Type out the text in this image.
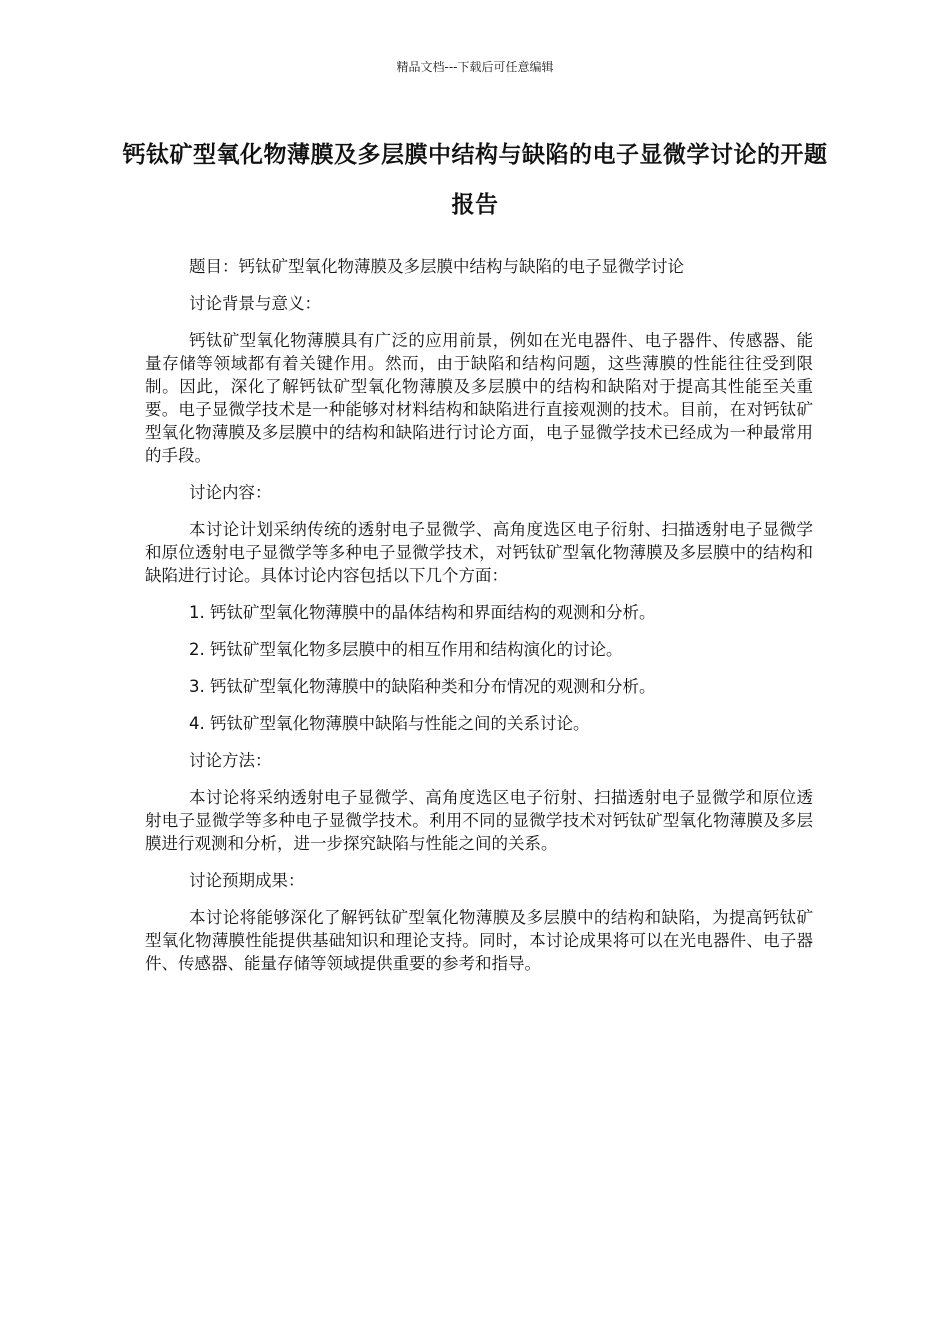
精品文档---下载后可任意编辑
钙钛矿型氧化物薄膜及多层膜中结构与缺陷的电子显微学讨论的开题报告
题目：钙钛矿型氧化物薄膜及多层膜中结构与缺陷的电子显微学讨论
讨论背景与意义：
钙钛矿型氧化物薄膜具有广泛的应用前景，例如在光电器件、电子器件、传感器、能量存储等领域都有着关键作用。然而，由于缺陷和结构问题，这些薄膜的性能往往受到限制。因此，深化了解钙钛矿型氧化物薄膜及多层膜中的结构和缺陷对于提高其性能至关重要。电子显微学技术是一种能够对材料结构和缺陷进行直接观测的技术。目前，在对钙钛矿型氧化物薄膜及多层膜中的结构和缺陷进行讨论方面，电子显微学技术已经成为一种最常用的手段。
讨论内容：
本讨论计划采纳传统的透射电子显微学、高角度选区电子衍射、扫描透射电子显微学和原位透射电子显微学等多种电子显微学技术，对钙钛矿型氧化物薄膜及多层膜中的结构和缺陷进行讨论。具体讨论内容包括以下几个方面：
1. 钙钛矿型氧化物薄膜中的晶体结构和界面结构的观测和分析。
2. 钙钛矿型氧化物多层膜中的相互作用和结构演化的讨论。
3. 钙钛矿型氧化物薄膜中的缺陷种类和分布情况的观测和分析。
4. 钙钛矿型氧化物薄膜中缺陷与性能之间的关系讨论。
讨论方法：
本讨论将采纳透射电子显微学、高角度选区电子衍射、扫描透射电子显微学和原位透射电子显微学等多种电子显微学技术。利用不同的显微学技术对钙钛矿型氧化物薄膜及多层膜进行观测和分析，进一步探究缺陷与性能之间的关系。
讨论预期成果：
本讨论将能够深化了解钙钛矿型氧化物薄膜及多层膜中的结构和缺陷，为提高钙钛矿型氧化物薄膜性能提供基础知识和理论支持。同时，本讨论成果将可以在光电器件、电子器件、传感器、能量存储等领域提供重要的参考和指导。
